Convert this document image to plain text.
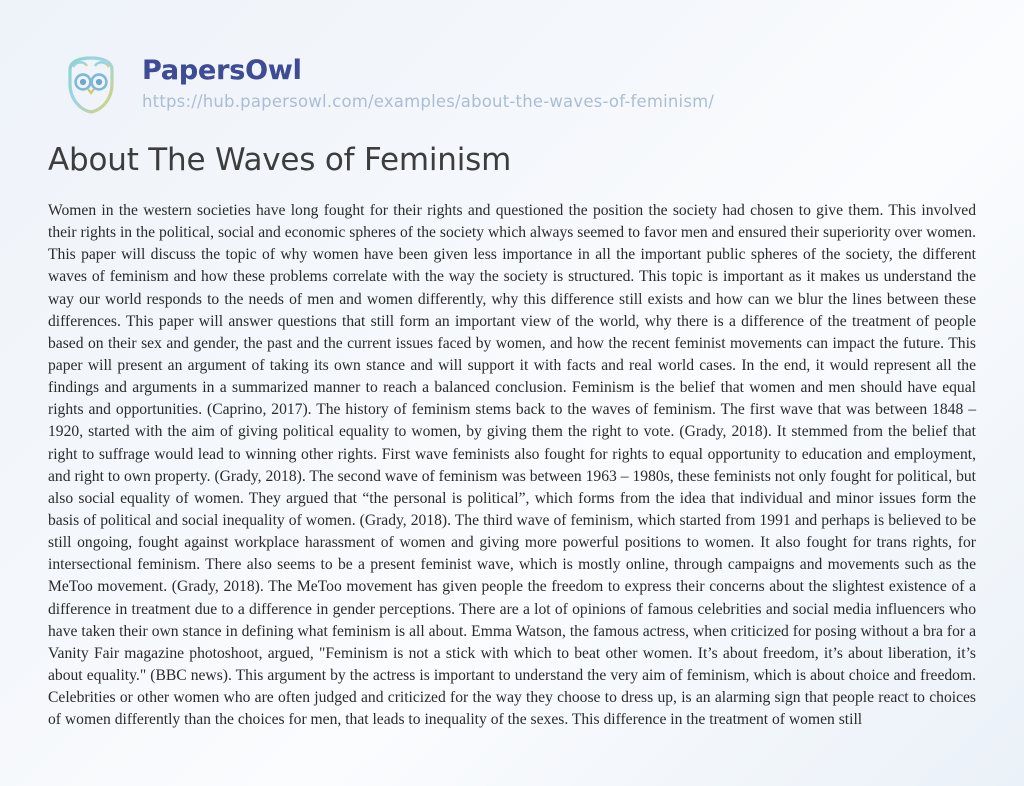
PapersOwl
https://hub.papersowl.com/examples/about-the-waves-of-feminism/
About The Waves of Feminism

Women in the western societies have long fought for their rights and questioned the position the society had chosen to give them. This involved their rights in the political, social and economic spheres of the society which always seemed to favor men and ensured their superiority over women. This paper will discuss the topic of why women have been given less importance in all the important public spheres of the society, the different waves of feminism and how these problems correlate with the way the society is structured. This topic is important as it makes us understand the way our world responds to the needs of men and women differently, why this difference still exists and how can we blur the lines between these differences. This paper will answer questions that still form an important view of the world, why there is a difference of the treatment of people based on their sex and gender, the past and the current issues faced by women, and how the recent feminist movements can impact the future. This paper will present an argument of taking its own stance and will support it with facts and real world cases. In the end, it would represent all the findings and arguments in a summarized manner to reach a balanced conclusion. Feminism is the belief that women and men should have equal rights and opportunities. (Caprino, 2017). The history of feminism stems back to the waves of feminism. The first wave that was between 1848 – 1920, started with the aim of giving political equality to women, by giving them the right to vote. (Grady, 2018). It stemmed from the belief that right to suffrage would lead to winning other rights. First wave feminists also fought for rights to equal opportunity to education and employment, and right to own property. (Grady, 2018). The second wave of feminism was between 1963 – 1980s, these feminists not only fought for political, but also social equality of women. They argued that “the personal is political”, which forms from the idea that individual and minor issues form the basis of political and social inequality of women. (Grady, 2018). The third wave of feminism, which started from 1991 and perhaps is believed to be still ongoing, fought against workplace harassment of women and giving more powerful positions to women. It also fought for trans rights, for intersectional feminism. There also seems to be a present feminist wave, which is mostly online, through campaigns and movements such as the MeToo movement. (Grady, 2018). The MeToo movement has given people the freedom to express their concerns about the slightest existence of a difference in treatment due to a difference in gender perceptions. There are a lot of opinions of famous celebrities and social media influencers who have taken their own stance in defining what feminism is all about. Emma Watson, the famous actress, when criticized for posing without a bra for a Vanity Fair magazine photoshoot, argued, "Feminism is not a stick with which to beat other women. It’s about freedom, it’s about liberation, it’s about equality." (BBC news). This argument by the actress is important to understand the very aim of feminism, which is about choice and freedom. Celebrities or other women who are often judged and criticized for the way they choose to dress up, is an alarming sign that people react to choices of women differently than the choices for men, that leads to inequality of the sexes. This difference in the treatment of women still
